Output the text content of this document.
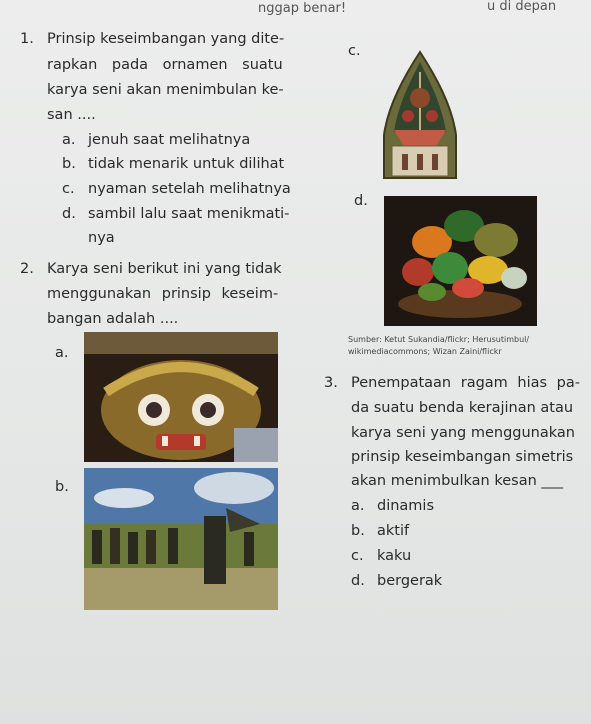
nggap benar!	u di depan
1. Prinsip keseimbangan yang dite-
rapkan pada ornamen suatu
karya seni akan menimbulan ke-
san ....
a. jenuh saat melihatnya
b. tidak menarik untuk dilihat
c. nyaman setelah melihatnya
d. sambil lalu saat menikmati-
nya
2. Karya seni berikut ini yang tidak
menggunakan prinsip keseim-
bangan adalah ....
c.
d.
Sumber: Ketut Sukandia/flickr; Herusutimbul/
wikimediacommons; Wizan Zaini/flickr
a.
b.
3. Penempataan ragam hias pa-
da suatu benda kerajinan atau
karya seni yang menggunakan
prinsip keseimbangan simetris
akan menimbulkan kesan ___
a. dinamis
b. aktif
c. kaku
d. bergerak
